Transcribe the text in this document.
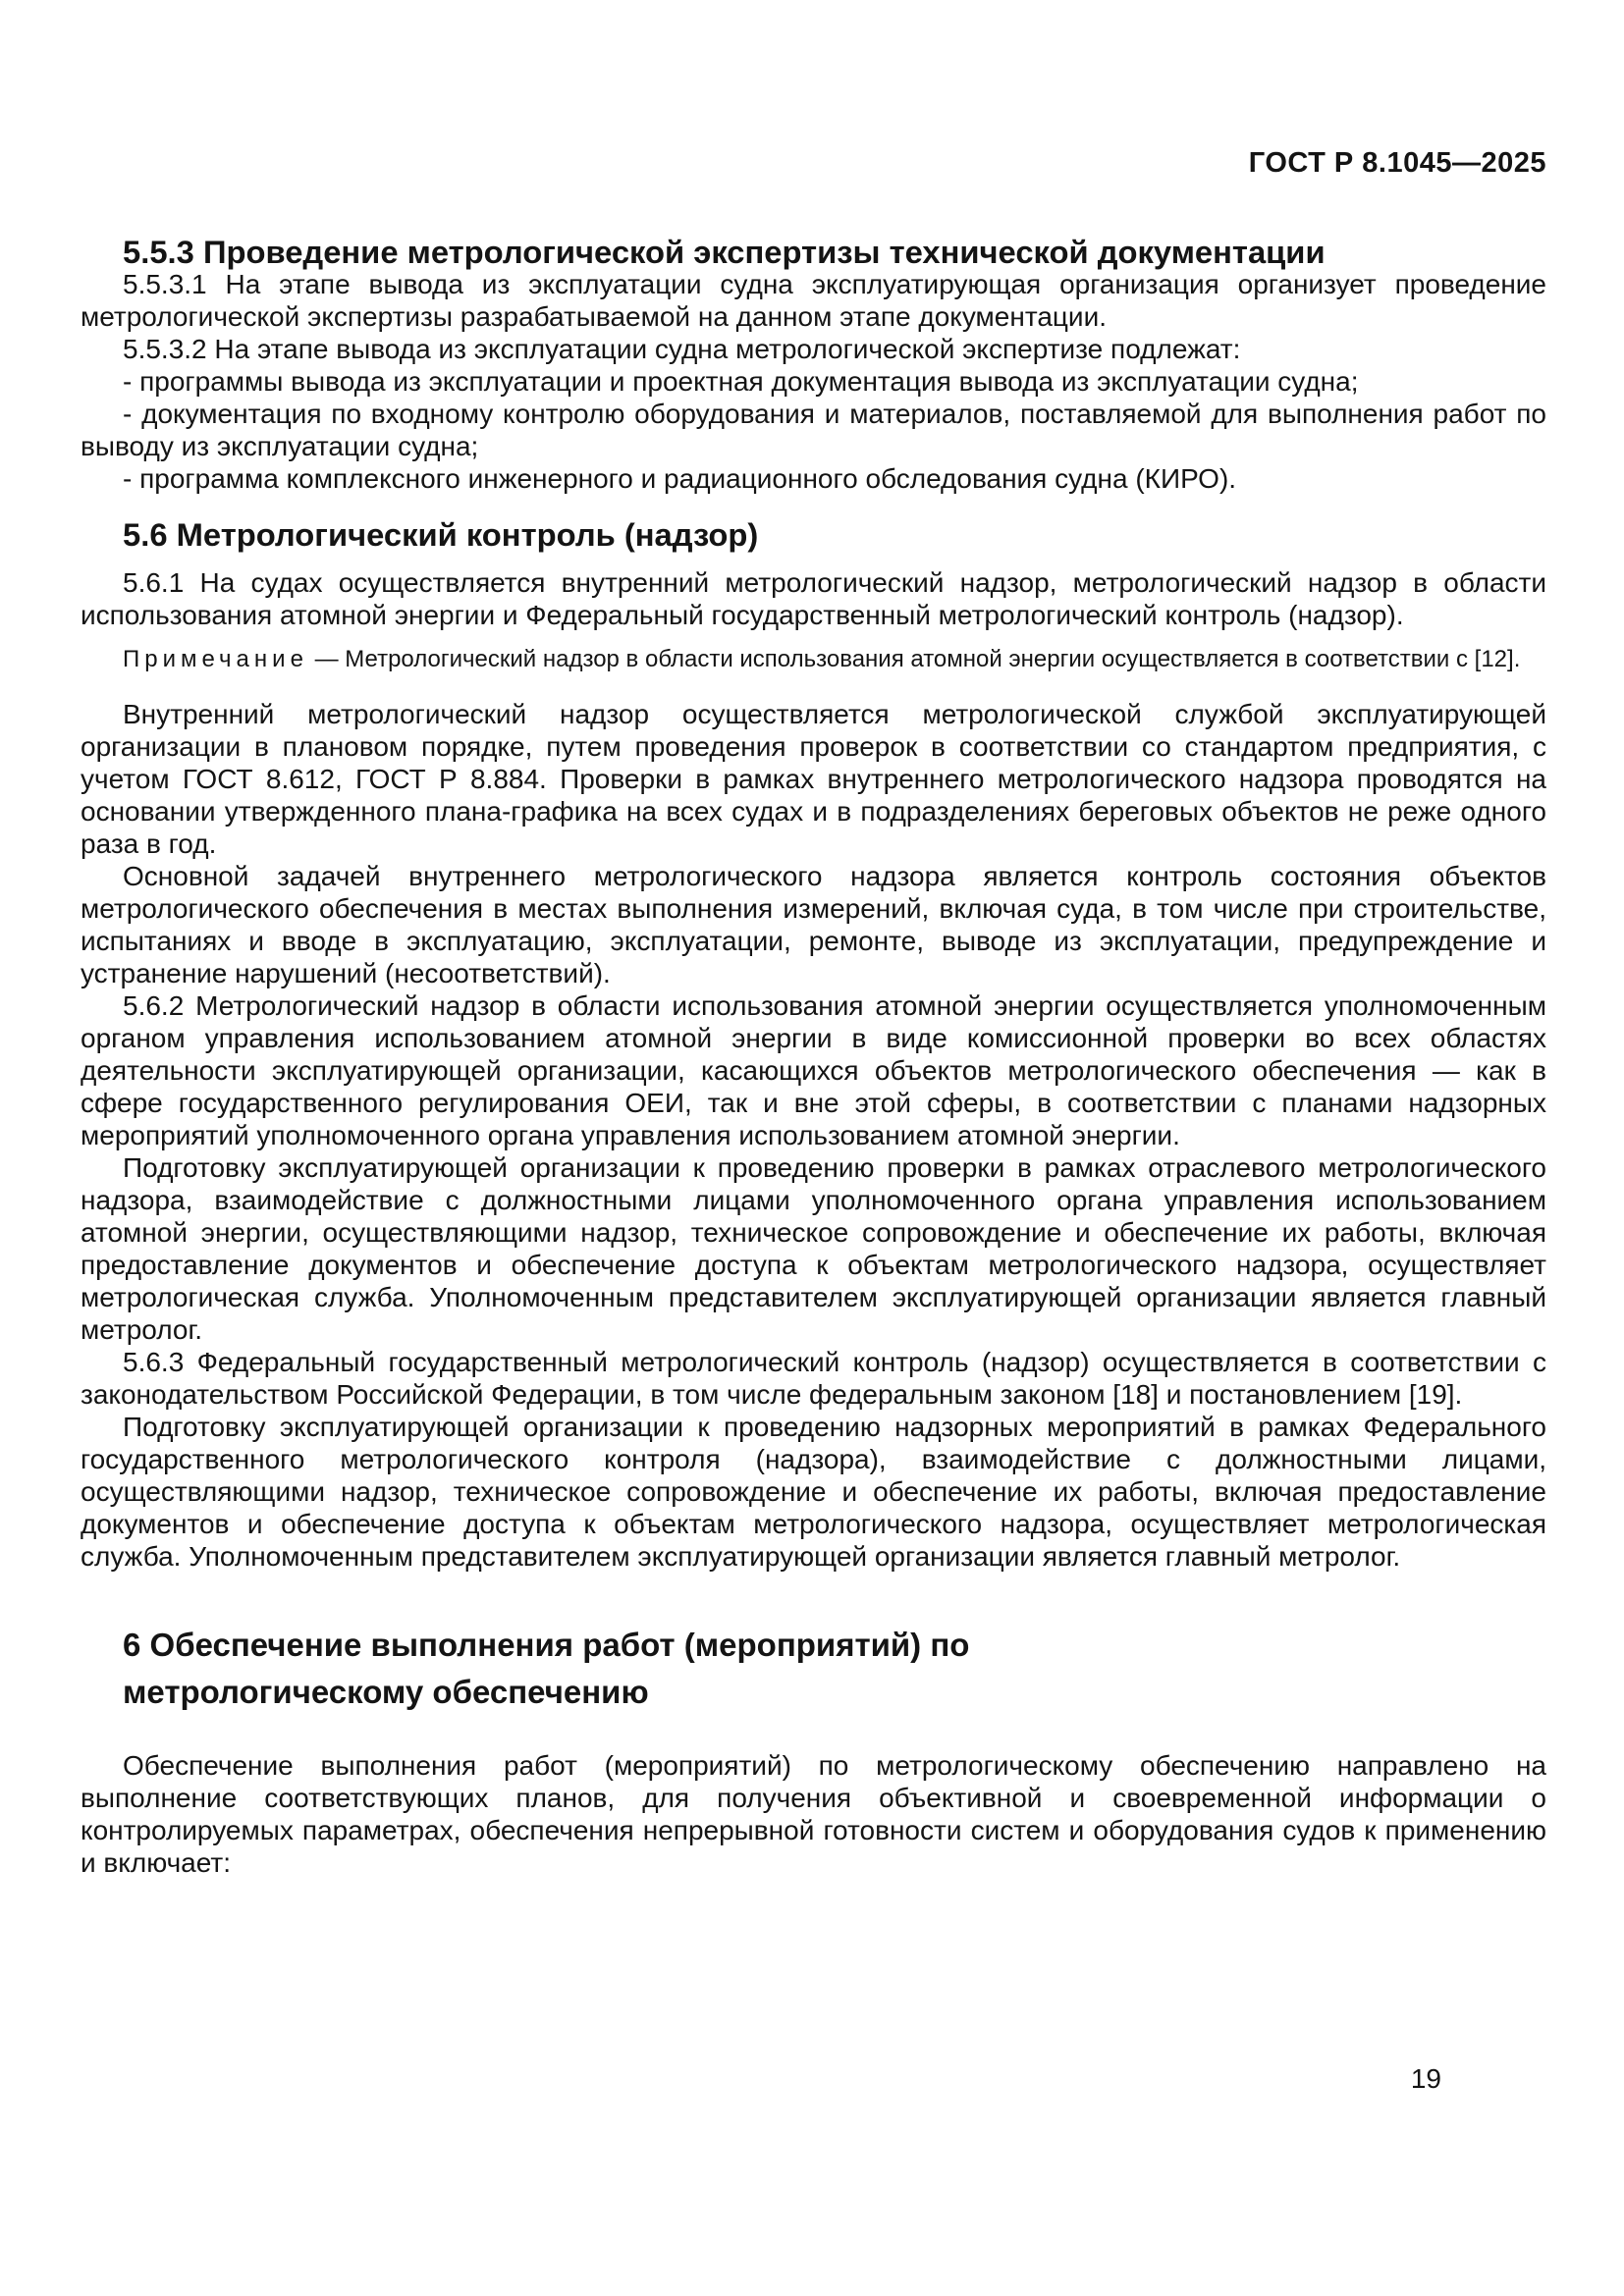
ГОСТ Р 8.1045—2025
5.5.3 Проведение метрологической экспертизы технической документации

5.5.3.1 На этапе вывода из эксплуатации судна эксплуатирующая организация организует проведение метрологической экспертизы разрабатываемой на данном этапе документации.

5.5.3.2 На этапе вывода из эксплуатации судна метрологической экспертизе подлежат:

- программы вывода из эксплуатации и проектная документация вывода из эксплуатации судна;

- документация по входному контролю оборудования и материалов, поставляемой для выполнения работ по выводу из эксплуатации судна;

- программа комплексного инженерного и радиационного обследования судна (КИРО).

5.6 Метрологический контроль (надзор)

5.6.1 На судах осуществляется внутренний метрологический надзор, метрологический надзор в области использования атомной энергии и Федеральный государственный метрологический контроль (надзор).

Примечание — Метрологический надзор в области использования атомной энергии осуществляется в соответствии с [12].

Внутренний метрологический надзор осуществляется метрологической службой эксплуатирующей организации в плановом порядке, путем проведения проверок в соответствии со стандартом предприятия, с учетом ГОСТ 8.612, ГОСТ Р 8.884. Проверки в рамках внутреннего метрологического надзора проводятся на основании утвержденного плана-графика на всех судах и в подразделениях береговых объектов не реже одного раза в год.

Основной задачей внутреннего метрологического надзора является контроль состояния объектов метрологического обеспечения в местах выполнения измерений, включая суда, в том числе при строительстве, испытаниях и вводе в эксплуатацию, эксплуатации, ремонте, выводе из эксплуатации, предупреждение и устранение нарушений (несоответствий).

5.6.2 Метрологический надзор в области использования атомной энергии осуществляется уполномоченным органом управления использованием атомной энергии в виде комиссионной проверки во всех областях деятельности эксплуатирующей организации, касающихся объектов метрологического обеспечения — как в сфере государственного регулирования ОЕИ, так и вне этой сферы, в соответствии с планами надзорных мероприятий уполномоченного органа управления использованием атомной энергии.

Подготовку эксплуатирующей организации к проведению проверки в рамках отраслевого метрологического надзора, взаимодействие с должностными лицами уполномоченного органа управления использованием атомной энергии, осуществляющими надзор, техническое сопровождение и обеспечение их работы, включая предоставление документов и обеспечение доступа к объектам метрологического надзора, осуществляет метрологическая служба. Уполномоченным представителем эксплуатирующей организации является главный метролог.

5.6.3 Федеральный государственный метрологический контроль (надзор) осуществляется в соответствии с законодательством Российской Федерации, в том числе федеральным законом [18] и постановлением [19].

Подготовку эксплуатирующей организации к проведению надзорных мероприятий в рамках Федерального государственного метрологического контроля (надзора), взаимодействие с должностными лицами, осуществляющими надзор, техническое сопровождение и обеспечение их работы, включая предоставление документов и обеспечение доступа к объектам метрологического надзора, осуществляет метрологическая служба. Уполномоченным представителем эксплуатирующей организации является главный метролог.

6 Обеспечение выполнения работ (мероприятий) по метрологическому обеспечению

Обеспечение выполнения работ (мероприятий) по метрологическому обеспечению направлено на выполнение соответствующих планов, для получения объективной и своевременной информации о контролируемых параметрах, обеспечения непрерывной готовности систем и оборудования судов к применению и включает:

19
